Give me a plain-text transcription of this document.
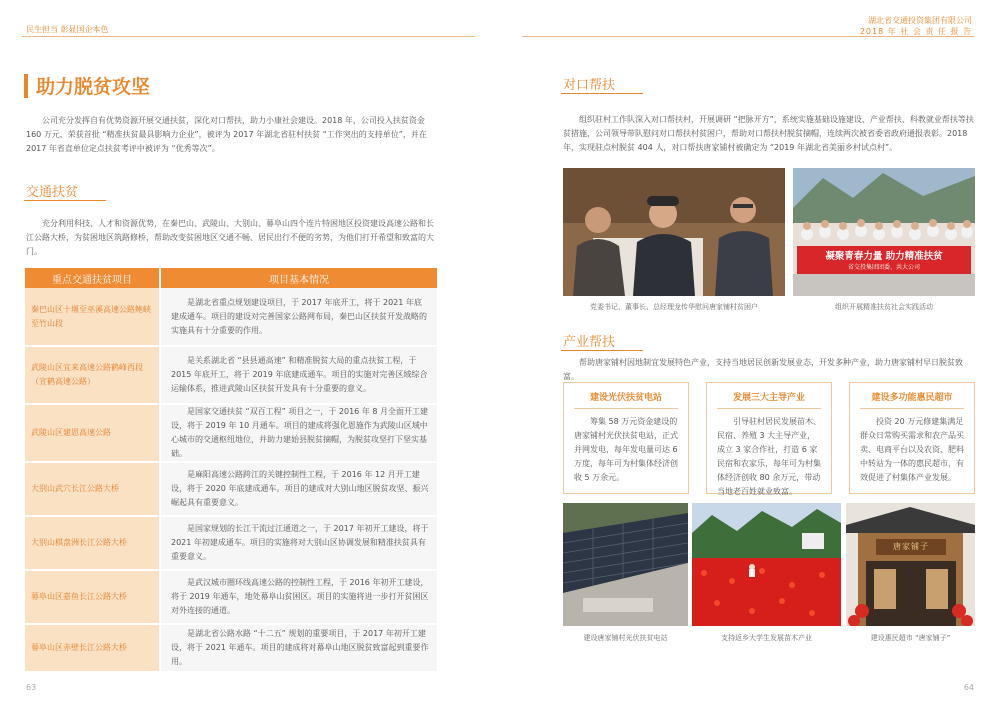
民生担当 彰显国企本色
湖北省交通投资集团有限公司
2018 年 社 会 责 任 报 告
助力脱贫攻坚
公司充分发挥自有优势资源开展交通扶贫，深化对口帮扶，助力小康社会建设。2018 年，公司投入扶贫资金 160 万元，荣获首批 “精准扶贫最具影响力企业”，被评为 2017 年湖北省驻村扶贫 “工作突出的支持单位”，并在 2017 年省直单位定点扶贫考评中被评为 “优秀等次”。
交通扶贫
充分利用科技、人才和资源优势，在秦巴山、武陵山、大别山、幕阜山四个连片特困地区投资建设高速公路和长江公路大桥，为贫困地区筑路修桥，帮助改变贫困地区交通不畅、居民出行不便的劣势，为他们打开希望和致富的大门。
重点交通扶贫项目	项目基本情况
秦巴山区十堰至巫溪高速公路鲍峡至竹山段	是湖北省重点规划建设项目，于 2017 年底开工，将于 2021 年底建成通车。项目的建设对完善国家公路网布局，秦巴山区扶贫开发战略的实施具有十分重要的作用。
武陵山区宜来高速公路鹤峰西段（宣鹤高速公路）	是关系湖北省 “县县通高速” 和精准脱贫大局的重点扶贫工程，于 2015 年底开工，将于 2019 年底建成通车。项目的实施对完善区域综合运输体系，推进武陵山区扶贫开发具有十分重要的意义。
武陵山区建恩高速公路	是国家交通扶贫 “双百工程” 项目之一，于 2016 年 8 月全面开工建设，将于 2019 年 10 月通车。项目的建成将强化恩施作为武陵山区域中心城市的交通枢纽地位，并助力建始县脱贫摘帽，为脱贫攻坚打下坚实基础。
大别山武穴长江公路大桥	是麻阳高速公路跨江的关键控制性工程，于 2016 年 12 月开工建设，将于 2020 年底建成通车。项目的建成对大别山地区脱贫攻坚、振兴崛起具有重要意义。
大别山棋盘洲长江公路大桥	是国家规划的长江干流过江通道之一，于 2017 年初开工建设，将于 2021 年初建成通车。项目的实施将对大别山区协调发展和精准扶贫具有重要意义。
幕阜山区嘉鱼长江公路大桥	是武汉城市圈环线高速公路的控制性工程，于 2016 年初开工建设，将于 2019 年通车，地处幕阜山贫困区。项目的实施将进一步打开贫困区对外连接的通道。
幕阜山区赤壁长江公路大桥	是湖北省公路水路 “十二五” 规划的重要项目，于 2017 年初开工建设，将于 2021 年通车。项目的建成将对幕阜山地区脱贫致富起到重要作用。
63
对口帮扶
组织驻村工作队深入对口帮扶村，开展调研 “把脉开方”，系统实施基础设施建设、产业帮扶、科教就业帮扶等扶贫措施，公司领导带队慰问对口帮扶村贫困户，帮助对口帮扶村脱贫摘帽，连续两次被省委省政府通报表彰。2018 年，实现驻点村脱贫 404 人，对口帮扶唐家铺村被确定为 “2019 年湖北省美丽乡村试点村”。
党委书记、董事长、总经理龙传华慰问唐家铺村贫困户
凝聚青春力量 助力精准扶贫
省交投集团团委、共大公司
组织开展精准扶贫社会实践活动
产业帮扶
帮助唐家铺村因地制宜发展特色产业，支持当地居民创新发展业态，开发多种产业，助力唐家铺村早日脱贫致富。
建设光伏扶贫电站
筹集 58 万元资金建设的唐家铺村光伏扶贫电站，正式并网发电，每年发电量可达 6 万度，每年可为村集体经济创收 5 万余元。
发展三大主导产业
引导驻村居民发展苗木、民宿、养殖 3 大主导产业，成立 3 家合作社，打造 6 家民宿和农家乐，每年可为村集体经济创收 80 余万元，带动当地老百姓就业致富。
建设多功能惠民超市
投资 20 万元修建集满足群众日常购买需求和农产品买卖、电商平台以及农资、肥料中转站为一体的惠民超市，有效促进了村集体产业发展。
建设唐家铺村光伏扶贫电站	支持返乡大学生发展苗木产业
唐家铺子
建设惠民超市 “唐家铺子”
64
